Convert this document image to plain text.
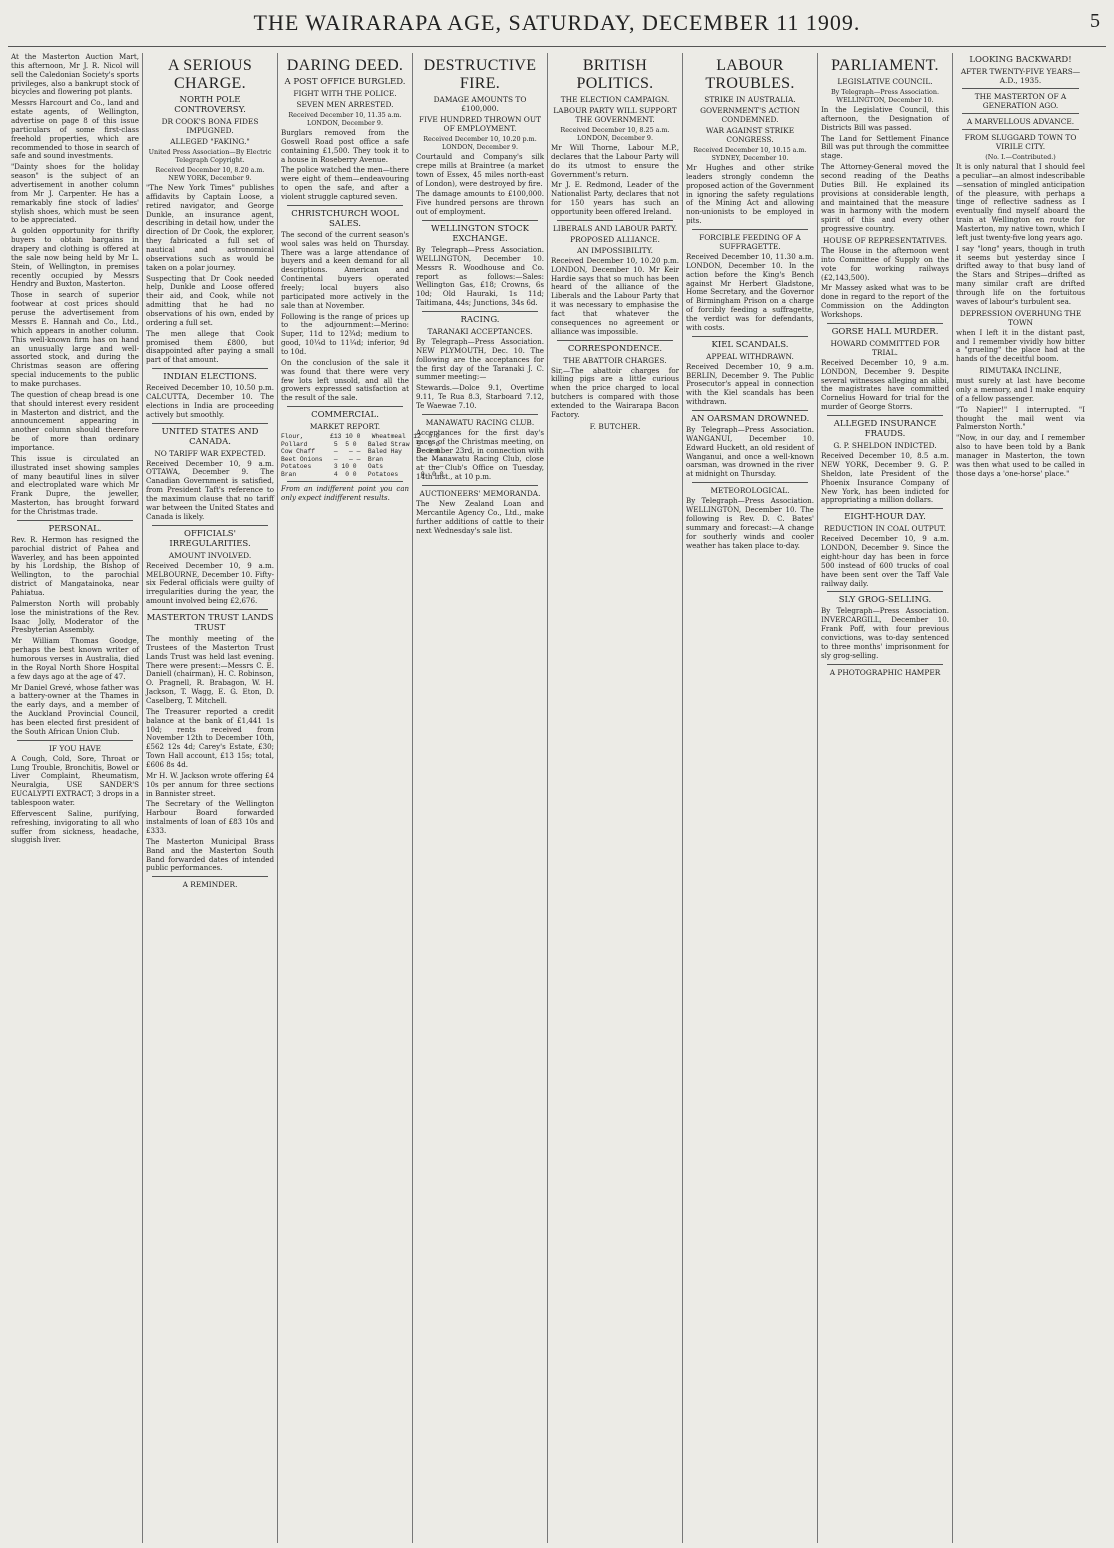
THE WAIRARAPA AGE, SATURDAY, DECEMBER 11 1909.	5

At the Masterton Auction Mart, this afternoon, Mr J. R. Nicol will sell the Caledonian Society's sports privileges, also a bankrupt stock of bicycles and flowering pot plants.

Messrs Harcourt and Co., land and estate agents, of Wellington, advertise on page 8 of this issue particulars of some first-class freehold properties, which are recommended to those in search of safe and sound investments.

"Dainty shoes for the holiday season" is the subject of an advertisement in another column from Mr J. Carpenter. He has a remarkably fine stock of ladies' stylish shoes, which must be seen to be appreciated.

A golden opportunity for thrifty buyers to obtain bargains in drapery and clothing is offered at the sale now being held by Mr L. Stein, of Wellington, in premises recently occupied by Messrs Hendry and Buxton, Masterton.

Those in search of superior footwear at cost prices should peruse the advertisement from Messrs E. Hannah and Co., Ltd., which appears in another column. This well-known firm has on hand an unusually large and well-assorted stock, and during the Christmas season are offering special inducements to the public to make purchases.

The question of cheap bread is one that should interest every resident in Masterton and district, and the announcement appearing in another column should therefore be of more than ordinary importance.

This issue is circulated an illustrated inset showing samples of many beautiful lines in silver and electroplated ware which Mr Frank Dupre, the jeweller, Masterton, has brought forward for the Christmas trade.

PERSONAL.

Rev. R. Hermon has resigned the parochial district of Pahea and Waverley, and has been appointed by his Lordship, the Bishop of Wellington, to the parochial district of Mangatainoka, near Pahiatua.

Palmerston North will probably lose the ministrations of the Rev. Isaac Jolly, Moderator of the Presbyterian Assembly.

Mr William Thomas Goodge, perhaps the best known writer of humorous verses in Australia, died in the Royal North Shore Hospital a few days ago at the age of 47.

Mr Daniel Grevé, whose father was a battery-owner at the Thames in the early days, and a member of the Auckland Provincial Council, has been elected first president of the South African Union Club.

IF YOU HAVE

A Cough, Cold, Sore, Throat or Lung Trouble, Bronchitis, Bowel or Liver Complaint, Rheumatism, Neuralgia, USE SANDER'S EUCALYPTI EXTRACT; 3 drops in a tablespoon water.

Effervescent Saline, purifying, refreshing, invigorating to all who suffer from sickness, headache, sluggish liver.

A SERIOUS CHARGE.
NORTH POLE CONTROVERSY.
DR COOK'S BONA FIDES IMPUGNED.
ALLEGED "FAKING."
United Press Association—By Electric Telegraph Copyright.
Received December 10, 8.20 a.m. NEW YORK, December 9.

"The New York Times" publishes affidavits by Captain Loose, a retired navigator, and George Dunkle, an insurance agent, describing in detail how, under the direction of Dr Cook, the explorer, they fabricated a full set of nautical and astronomical observations such as would be taken on a polar journey.

Suspecting that Dr Cook needed help, Dunkle and Loose offered their aid, and Cook, while not admitting that he had no observations of his own, ended by ordering a full set.

The men allege that Cook promised them £800, but disappointed after paying a small part of that amount.

INDIAN ELECTIONS.

Received December 10, 10.50 p.m. CALCUTTA, December 10. The elections in India are proceeding actively but smoothly.

UNITED STATES AND CANADA.
NO TARIFF WAR EXPECTED.

Received December 10, 9 a.m. OTTAWA, December 9. The Canadian Government is satisfied, from President Taft's reference to the maximum clause that no tariff war between the United States and Canada is likely.

OFFICIALS' IRREGULARITIES.
AMOUNT INVOLVED.

Received December 10, 9 a.m. MELBOURNE, December 10. Fifty-six Federal officials were guilty of irregularities during the year, the amount involved being £2,676.

MASTERTON TRUST LANDS TRUST

The monthly meeting of the Trustees of the Masterton Trust Lands Trust was held last evening. There were present:—Messrs C. E. Daniell (chairman), H. C. Robinson, O. Pragnell, R. Brabagon, W. H. Jackson, T. Wagg, E. G. Eton, D. Caselberg, T. Mitchell.

The Treasurer reported a credit balance at the bank of £1,441 1s 10d; rents received from November 12th to December 10th, £562 12s 4d; Carey's Estate, £30; Town Hall account, £13 15s; total, £606 8s 4d.

Mr H. W. Jackson wrote offering £4 10s per annum for three sections in Bannister street.

The Secretary of the Wellington Harbour Board forwarded instalments of loan of £83 10s and £333.

The Masterton Municipal Brass Band and the Masterton South Band forwarded dates of intended public performances.

A REMINDER.
DARING DEED.
A POST OFFICE BURGLED.
FIGHT WITH THE POLICE.
SEVEN MEN ARRESTED.
Received December 10, 11.35 a.m. LONDON, December 9.

Burglars removed from the Goswell Road post office a safe containing £1,500. They took it to a house in Roseberry Avenue.

The police watched the men—there were eight of them—endeavouring to open the safe, and after a violent struggle captured seven.

CHRISTCHURCH WOOL SALES.

The second of the current season's wool sales was held on Thursday. There was a large attendance of buyers and a keen demand for all descriptions. American and Continental buyers operated freely; local buyers also participated more actively in the sale than at November.

Following is the range of prices up to the adjournment:—Merino: Super, 11d to 12¾d; medium to good, 10¼d to 11¼d; inferior, 9d to 10d.

On the conclusion of the sale it was found that there were very few lots left unsold, and all the growers expressed satisfaction at the result of the sale.

COMMERCIAL.
MARKET REPORT.
Flour,       £13 10 0   Wheatmeal  12  0 0
Pollard       5  5 0   Baled Straw  5  0 0
Cow Chaff     —   — —  Baled Hay    5  0 0
Beet Onions   —   — —  Bran          —  — —
Potatoes      3 10 0   Oats          —  — —
Bran          4  0 0   Potatoes      0  0 0

From an indifferent point you can only expect indifferent results.

DESTRUCTIVE FIRE.
DAMAGE AMOUNTS TO £100,000.
FIVE HUNDRED THROWN OUT OF EMPLOYMENT.
Received December 10, 10.20 p.m. LONDON, December 9.

Courtauld and Company's silk crepe mills at Braintree (a market town of Essex, 45 miles north-east of London), were destroyed by fire.

The damage amounts to £100,000. Five hundred persons are thrown out of employment.

WELLINGTON STOCK EXCHANGE.

By Telegraph—Press Association. WELLINGTON, December 10. Messrs R. Woodhouse and Co. report as follows:—Sales: Wellington Gas, £18; Crowns, 6s 10d; Old Hauraki, 1s 11d; Taitimana, 44s; Junctions, 34s 6d.

RACING.
TARANAKI ACCEPTANCES.

By Telegraph—Press Association. NEW PLYMOUTH, Dec. 10. The following are the acceptances for the first day of the Taranaki J. C. summer meeting:—

Stewards.—Dolce 9.1, Overtime 9.11, Te Rua 8.3, Starboard 7.12, Te Waewae 7.10.

MANAWATU RACING CLUB.

Acceptances for the first day's races of the Christmas meeting, on December 23rd, in connection with the Manawatu Racing Club, close at the Club's Office on Tuesday, 14th inst., at 10 p.m.

AUCTIONEERS' MEMORANDA.

The New Zealand Loan and Mercantile Agency Co., Ltd., make further additions of cattle to their next Wednesday's sale list.

BRITISH POLITICS.
THE ELECTION CAMPAIGN.
LABOUR PARTY WILL SUPPORT THE GOVERNMENT.
Received December 10, 8.25 a.m. LONDON, December 9.

Mr Will Thorne, Labour M.P., declares that the Labour Party will do its utmost to ensure the Government's return.

Mr J. E. Redmond, Leader of the Nationalist Party, declares that not for 150 years has such an opportunity been offered Ireland.

LIBERALS AND LABOUR PARTY.
PROPOSED ALLIANCE.
AN IMPOSSIBILITY.

Received December 10, 10.20 p.m. LONDON, December 10. Mr Keir Hardie says that so much has been heard of the alliance of the Liberals and the Labour Party that it was necessary to emphasise the fact that whatever the consequences no agreement or alliance was impossible.

CORRESPONDENCE.
THE ABATTOIR CHARGES.

Sir,—The abattoir charges for killing pigs are a little curious when the price charged to local butchers is compared with those extended to the Wairarapa Bacon Factory.

F. BUTCHER.
LABOUR TROUBLES.
STRIKE IN AUSTRALIA.
GOVERNMENT'S ACTION CONDEMNED.
WAR AGAINST STRIKE CONGRESS.
Received December 10, 10.15 a.m. SYDNEY, December 10.

Mr Hughes and other strike leaders strongly condemn the proposed action of the Government in ignoring the safety regulations of the Mining Act and allowing non-unionists to be employed in pits.

FORCIBLE FEEDING OF A SUFFRAGETTE.

Received December 10, 11.30 a.m. LONDON, December 10. In the action before the King's Bench against Mr Herbert Gladstone, Home Secretary, and the Governor of Birmingham Prison on a charge of forcibly feeding a suffragette, the verdict was for defendants, with costs.

KIEL SCANDALS.
APPEAL WITHDRAWN.

Received December 10, 9 a.m. BERLIN, December 9. The Public Prosecutor's appeal in connection with the Kiel scandals has been withdrawn.

AN OARSMAN DROWNED.

By Telegraph—Press Association. WANGANUI, December 10. Edward Huckett, an old resident of Wanganui, and once a well-known oarsman, was drowned in the river at midnight on Thursday.

METEOROLOGICAL.

By Telegraph—Press Association. WELLINGTON, December 10. The following is Rev. D. C. Bates' summary and forecast:—A change for southerly winds and cooler weather has taken place to-day.

PARLIAMENT.
LEGISLATIVE COUNCIL.
By Telegraph—Press Association. WELLINGTON, December 10.

In the Legislative Council, this afternoon, the Designation of Districts Bill was passed.

The Land for Settlement Finance Bill was put through the committee stage.

The Attorney-General moved the second reading of the Deaths Duties Bill. He explained its provisions at considerable length, and maintained that the measure was in harmony with the modern spirit of this and every other progressive country.

HOUSE OF REPRESENTATIVES.

The House in the afternoon went into Committee of Supply on the vote for working railways (£2,143,500).

Mr Massey asked what was to be done in regard to the report of the Commission on the Addington Workshops.

GORSE HALL MURDER.
HOWARD COMMITTED FOR TRIAL.

Received December 10, 9 a.m. LONDON, December 9. Despite several witnesses alleging an alibi, the magistrates have committed Cornelius Howard for trial for the murder of George Storrs.

ALLEGED INSURANCE FRAUDS.
G. P. SHELDON INDICTED.

Received December 10, 8.5 a.m. NEW YORK, December 9. G. P. Sheldon, late President of the Phoenix Insurance Company of New York, has been indicted for appropriating a million dollars.

EIGHT-HOUR DAY.
REDUCTION IN COAL OUTPUT.

Received December 10, 9 a.m. LONDON, December 9. Since the eight-hour day has been in force 500 instead of 600 trucks of coal have been sent over the Taff Vale railway daily.

SLY GROG-SELLING.

By Telegraph—Press Association. INVERCARGILL, December 10. Frank Poff, with four previous convictions, was to-day sentenced to three months' imprisonment for sly grog-selling.

A PHOTOGRAPHIC HAMPER
LOOKING BACKWARD!
AFTER TWENTY-FIVE YEARS—A.D., 1935.
THE MASTERTON OF A GENERATION AGO.
A MARVELLOUS ADVANCE.
FROM SLUGGARD TOWN TO VIRILE CITY.
(No. I.—Contributed.)

It is only natural that I should feel a peculiar—an almost indescribable —sensation of mingled anticipation of the pleasure, with perhaps a tinge of reflective sadness as I eventually find myself aboard the train at Wellington en route for Masterton, my native town, which I left just twenty-five long years ago.

I say "long" years, though in truth it seems but yesterday since I drifted away to that busy land of the Stars and Stripes—drifted as many similar craft are drifted through life on the fortuitous waves of labour's turbulent sea.

DEPRESSION OVERHUNG THE TOWN

when I left it in the distant past, and I remember vividly how bitter a "grueling" the place had at the hands of the deceitful boom.

RIMUTAKA INCLINE,

must surely at last have become only a memory, and I make enquiry of a fellow passenger.

"To Napier!" I interrupted. "I thought the mail went via Palmerston North."

"Now, in our day, and I remember also to have been told by a Bank manager in Masterton, the town was then what used to be called in those days a 'one-horse' place."
